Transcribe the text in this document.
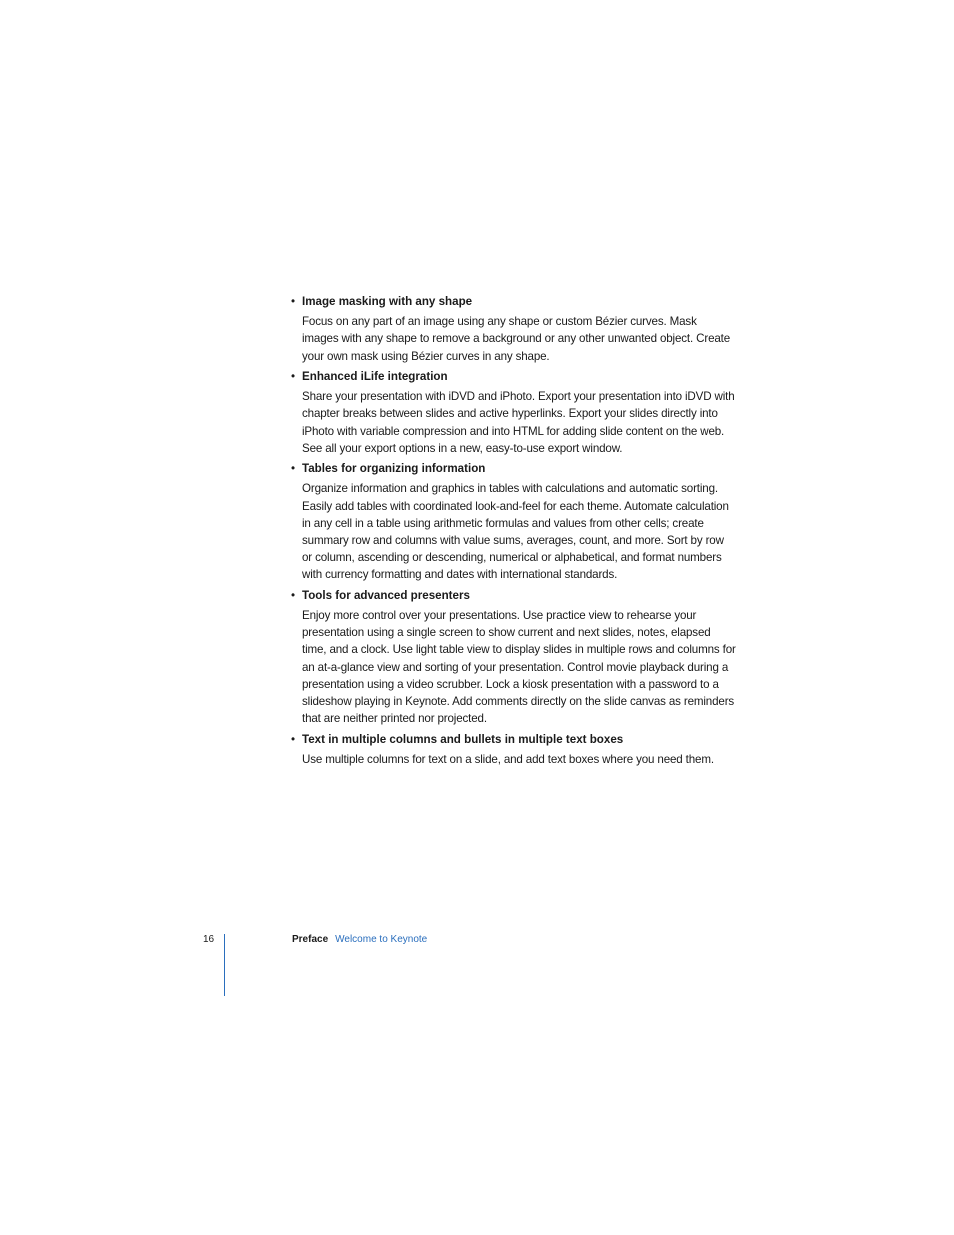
• Image masking with any shape
Focus on any part of an image using any shape or custom Bézier curves. Mask images with any shape to remove a background or any other unwanted object. Create your own mask using Bézier curves in any shape.
• Enhanced iLife integration
Share your presentation with iDVD and iPhoto. Export your presentation into iDVD with chapter breaks between slides and active hyperlinks. Export your slides directly into iPhoto with variable compression and into HTML for adding slide content on the web. See all your export options in a new, easy-to-use export window.
• Tables for organizing information
Organize information and graphics in tables with calculations and automatic sorting. Easily add tables with coordinated look-and-feel for each theme. Automate calculation in any cell in a table using arithmetic formulas and values from other cells; create summary row and columns with value sums, averages, count, and more. Sort by row or column, ascending or descending, numerical or alphabetical, and format numbers with currency formatting and dates with international standards.
• Tools for advanced presenters
Enjoy more control over your presentations. Use practice view to rehearse your presentation using a single screen to show current and next slides, notes, elapsed time, and a clock. Use light table view to display slides in multiple rows and columns for an at-a-glance view and sorting of your presentation. Control movie playback during a presentation using a video scrubber. Lock a kiosk presentation with a password to a slideshow playing in Keynote. Add comments directly on the slide canvas as reminders that are neither printed nor projected.
• Text in multiple columns and bullets in multiple text boxes
Use multiple columns for text on a slide, and add text boxes where you need them.
16	Preface Welcome to Keynote
